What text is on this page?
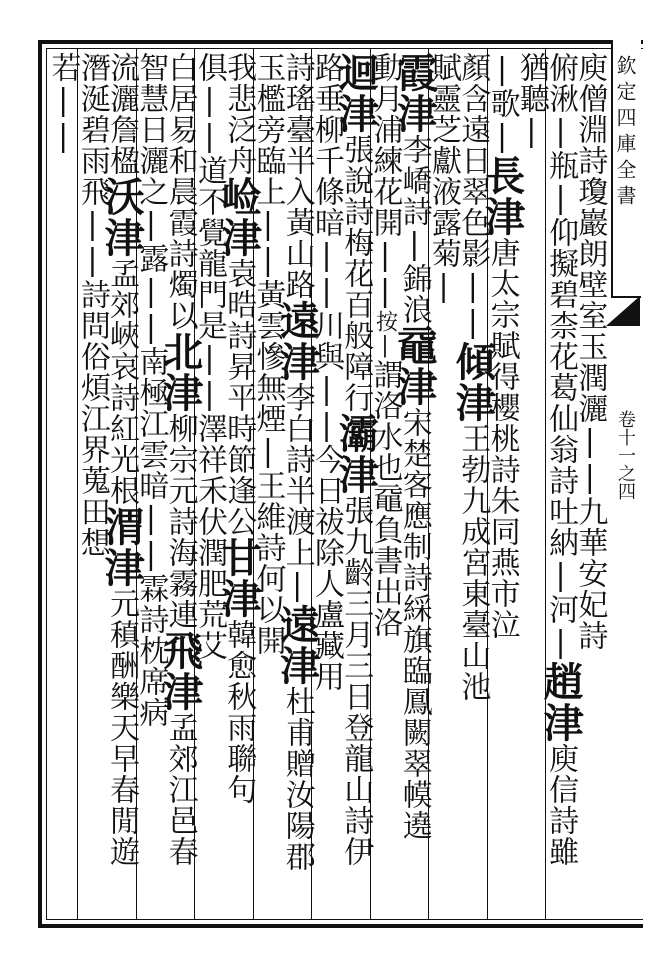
欽定四庫全書
卷十一之四
庾僧淵詩瓊巖朗壁室玉潤灑||九華安妃詩
俯湫|瓶|仰擬碧柰花葛仙翁詩吐納|河|趙津庾信詩雖
猶聽|
|歌|長津唐太宗賦得櫻桃詩朱同燕市泣
顏含遠日翠色影||傾津王勃九成宮東臺山池
賦靈芝獻液露菊|
霞津李嶠詩|錦浪黿津宋楚客應制詩綵旗臨鳳闕翠幙遶
動月浦練花開||按|謂洛水也黿負書出洛
迴津張說詩梅花百般障行灞津張九齡三月三日登龍山詩伊
路垂柳千條暗||川與||今日祓除人盧藏用
詩瑤臺半入黃山路遠津李白詩半渡上|遠津杜甫贈汝陽郡
玉檻旁臨上||黃雲慘無煙|王維詩何以開
我悲泛舟崄津袁晧詩昇平時節逢公甘津韓愈秋雨聯句
俱||道不覺龍門是||澤祥禾伏潤肥荒艾
白居易和晨霞詩燭以北津柳宗元詩海霧連飛津孟郊江邑春
智慧日灑之|露||南極江雲暗||霖詩枕席病
流灑詹楹沃津孟郊峽哀詩紅光根渭津元稹酬樂天早春閒遊
潛涎碧雨飛||詩問俗煩江界蒐田想
若||
